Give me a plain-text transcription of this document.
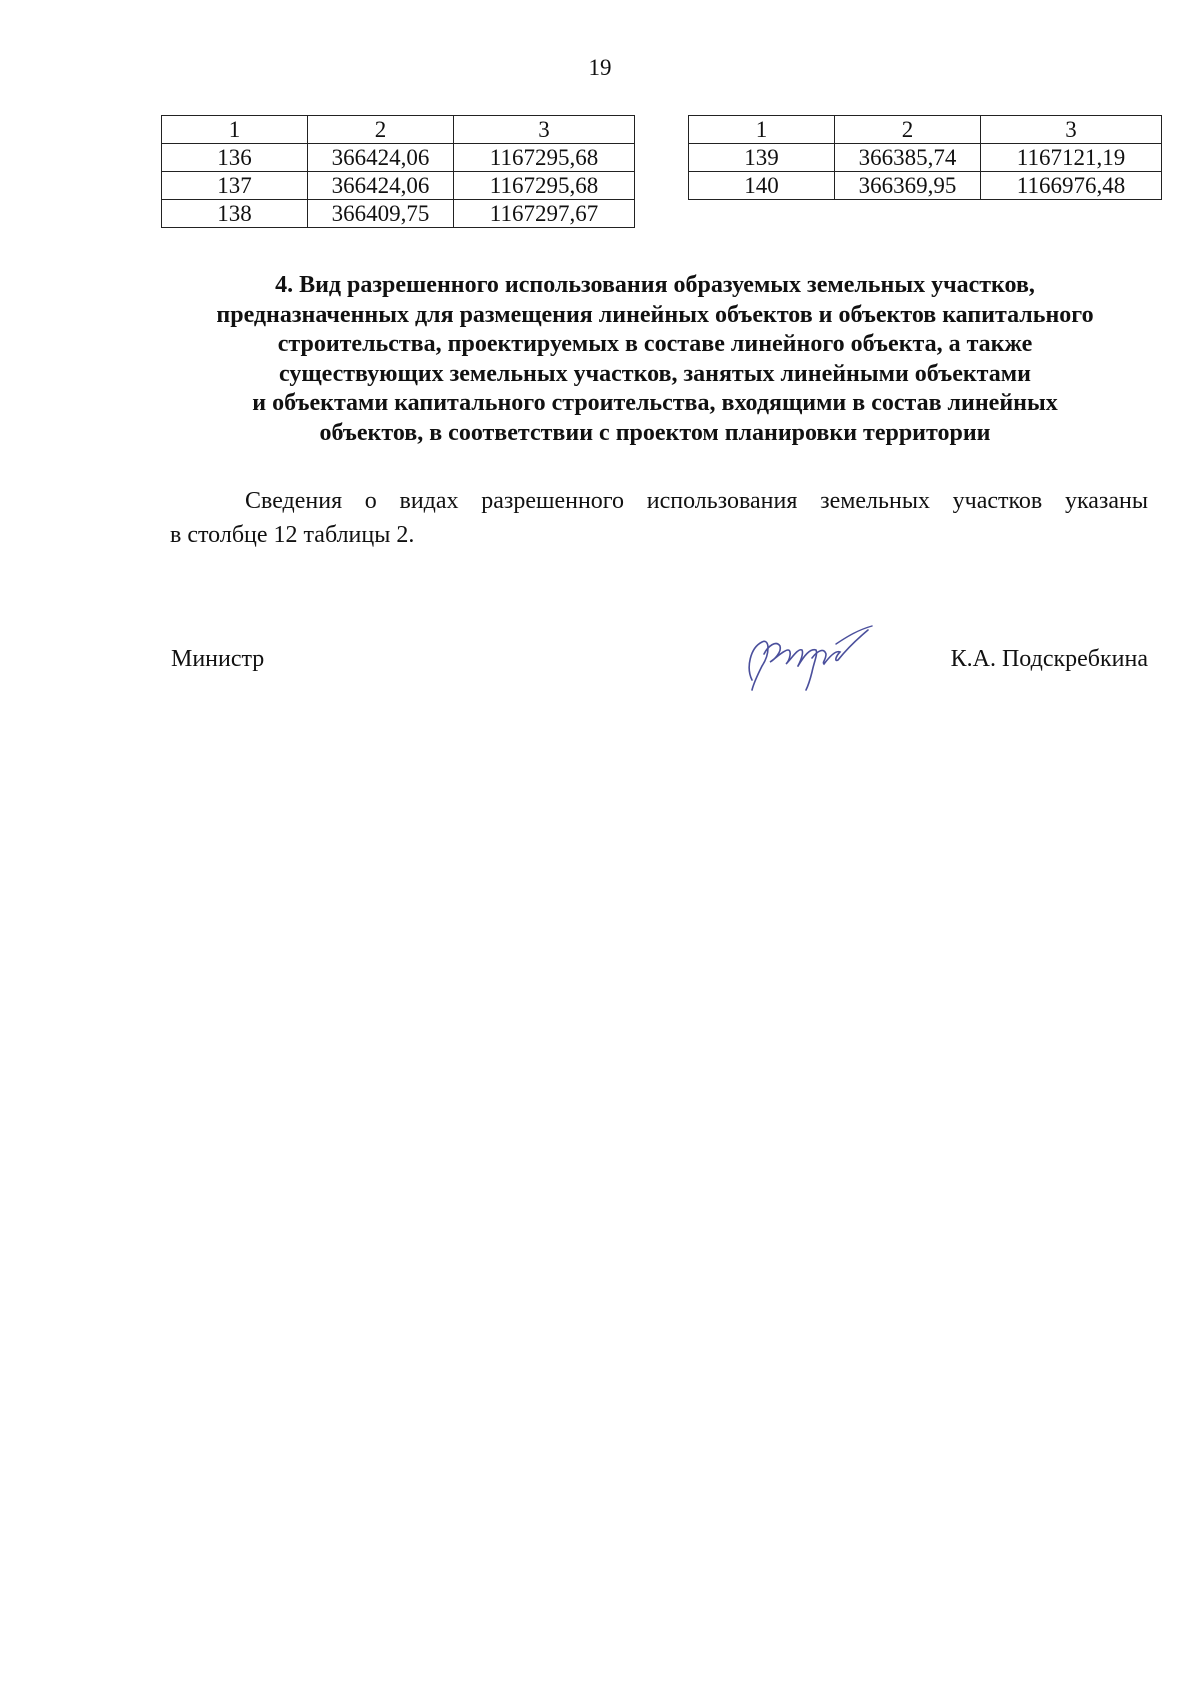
19
1	2	3
136	366424,06	1167295,68
137	366424,06	1167295,68
138	366409,75	1167297,67
1	2	3
139	366385,74	1167121,19
140	366369,95	1166976,48
4. Вид разрешенного использования образуемых земельных участков,
предназначенных для размещения линейных объектов и объектов капитального
строительства, проектируемых в составе линейного объекта, а также
существующих земельных участков, занятых линейными объектами
и объектами капитального строительства, входящими в состав линейных
объектов, в соответствии с проектом планировки территории
Сведения о видах разрешенного использования земельных участков указаны
в столбце 12 таблицы 2.
Министр	К.А. Подскребкина
